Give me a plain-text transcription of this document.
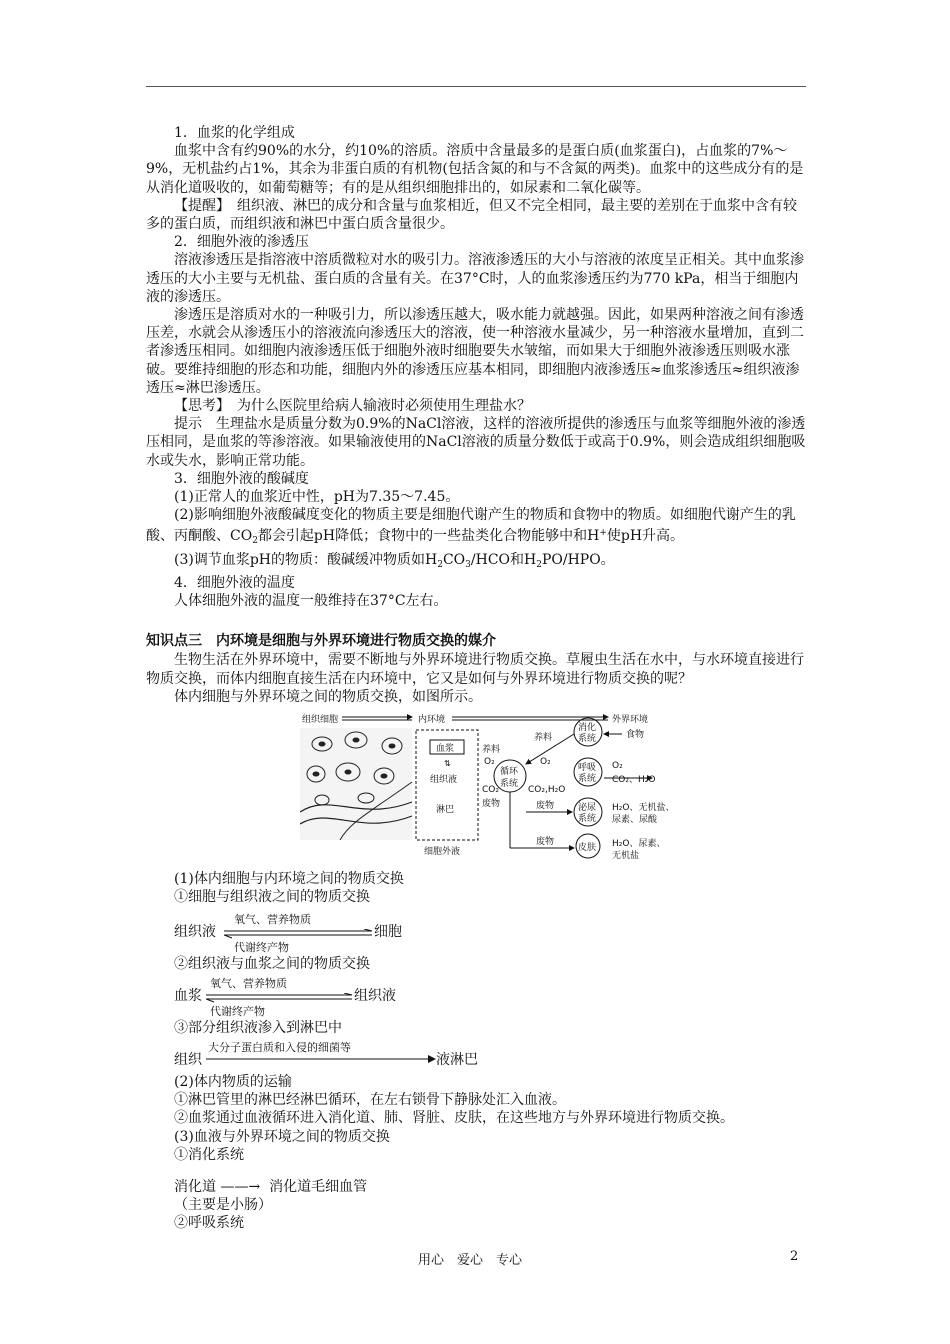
1．血浆的化学组成

血浆中含有约90%的水分，约10%的溶质。溶质中含量最多的是蛋白质(血浆蛋白)，占血浆的7%～9%，无机盐约占1%，其余为非蛋白质的有机物(包括含氮的和与不含氮的两类)。血浆中的这些成分有的是从消化道吸收的，如葡萄糖等；有的是从组织细胞排出的，如尿素和二氧化碳等。

【提醒】　组织液、淋巴的成分和含量与血浆相近，但又不完全相同，最主要的差别在于血浆中含有较多的蛋白质，而组织液和淋巴中蛋白质含量很少。

2．细胞外液的渗透压

溶液渗透压是指溶液中溶质微粒对水的吸引力。溶液渗透压的大小与溶液的浓度呈正相关。其中血浆渗透压的大小主要与无机盐、蛋白质的含量有关。在37°C时，人的血浆渗透压约为770 kPa，相当于细胞内液的渗透压。

渗透压是溶质对水的一种吸引力，所以渗透压越大，吸水能力就越强。因此，如果两种溶液之间有渗透压差，水就会从渗透压小的溶液流向渗透压大的溶液，使一种溶液水量减少，另一种溶液水量增加，直到二者渗透压相同。如细胞内液渗透压低于细胞外液时细胞要失水皱缩，而如果大于细胞外液渗透压则吸水涨破。要维持细胞的形态和功能，细胞内外的渗透压应基本相同，即细胞内液渗透压≈血浆渗透压≈组织液渗透压≈淋巴渗透压。

【思考】　为什么医院里给病人输液时必须使用生理盐水？

提示　生理盐水是质量分数为0.9%的NaCl溶液，这样的溶液所提供的渗透压与血浆等细胞外液的渗透压相同，是血浆的等渗溶液。如果输液使用的NaCl溶液的质量分数低于或高于0.9%，则会造成组织细胞吸水或失水，影响正常功能。

3．细胞外液的酸碱度

(1)正常人的血浆近中性，pH为7.35～7.45。

(2)影响细胞外液酸碱度变化的物质主要是细胞代谢产生的物质和食物中的物质。如细胞代谢产生的乳酸、丙酮酸、$CO_2$都会引起pH降低；食物中的一些盐类化合物能够中和H+使pH升高。

(3)调节血浆pH的物质：酸碱缓冲物质如$H_2CO_3$/HCO和$H_2PO$/HPO。

4．细胞外液的温度

人体细胞外液的温度一般维持在37°C左右。

知识点三　内环境是细胞与外界环境进行物质交换的媒介

生物生活在外界环境中，需要不断地与外界环境进行物质交换。草履虫生活在水中，与水环境直接进行物质交换，而体内细胞直接生活在内环境中，它又是如何与外界环境进行物质交换的呢？

体内细胞与外界环境之间的物质交换，如图所示。

组织细胞	内环境	外界环境
血浆
⇅
组织液
淋巴
细胞外液
循环
系统
养料
O₂
CO₂
废物
消化
系统
养料	食物
呼吸
系统
O₂
CO₂,H₂O
O₂
CO₂、H₂O
泌尿
系统
废物	H₂O、无机盐、
尿素、尿酸
皮肤
废物	H₂O、尿素、
无机盐

(1)体内细胞与内环境之间的物质交换

①细胞与组织液之间的物质交换

氧气、营养物质
组织液	细胞
代谢终产物

②组织液与血浆之间的物质交换

氧气、营养物质
血浆	组织液
代谢终产物

③部分组织液渗入到淋巴中

大分子蛋白质和入侵的细菌等
组织	液淋巴

(2)体内物质的运输

①淋巴管里的淋巴经淋巴循环，在左右锁骨下静脉处汇入血液。

②血浆通过血液循环进入消化道、肺、肾脏、皮肤，在这些地方与外界环境进行物质交换。

(3)血液与外界环境之间的物质交换

①消化系统

消化道 ——→ 消化道毛细血管

（主要是小肠）

②呼吸系统

用心　爱心　专心	2
